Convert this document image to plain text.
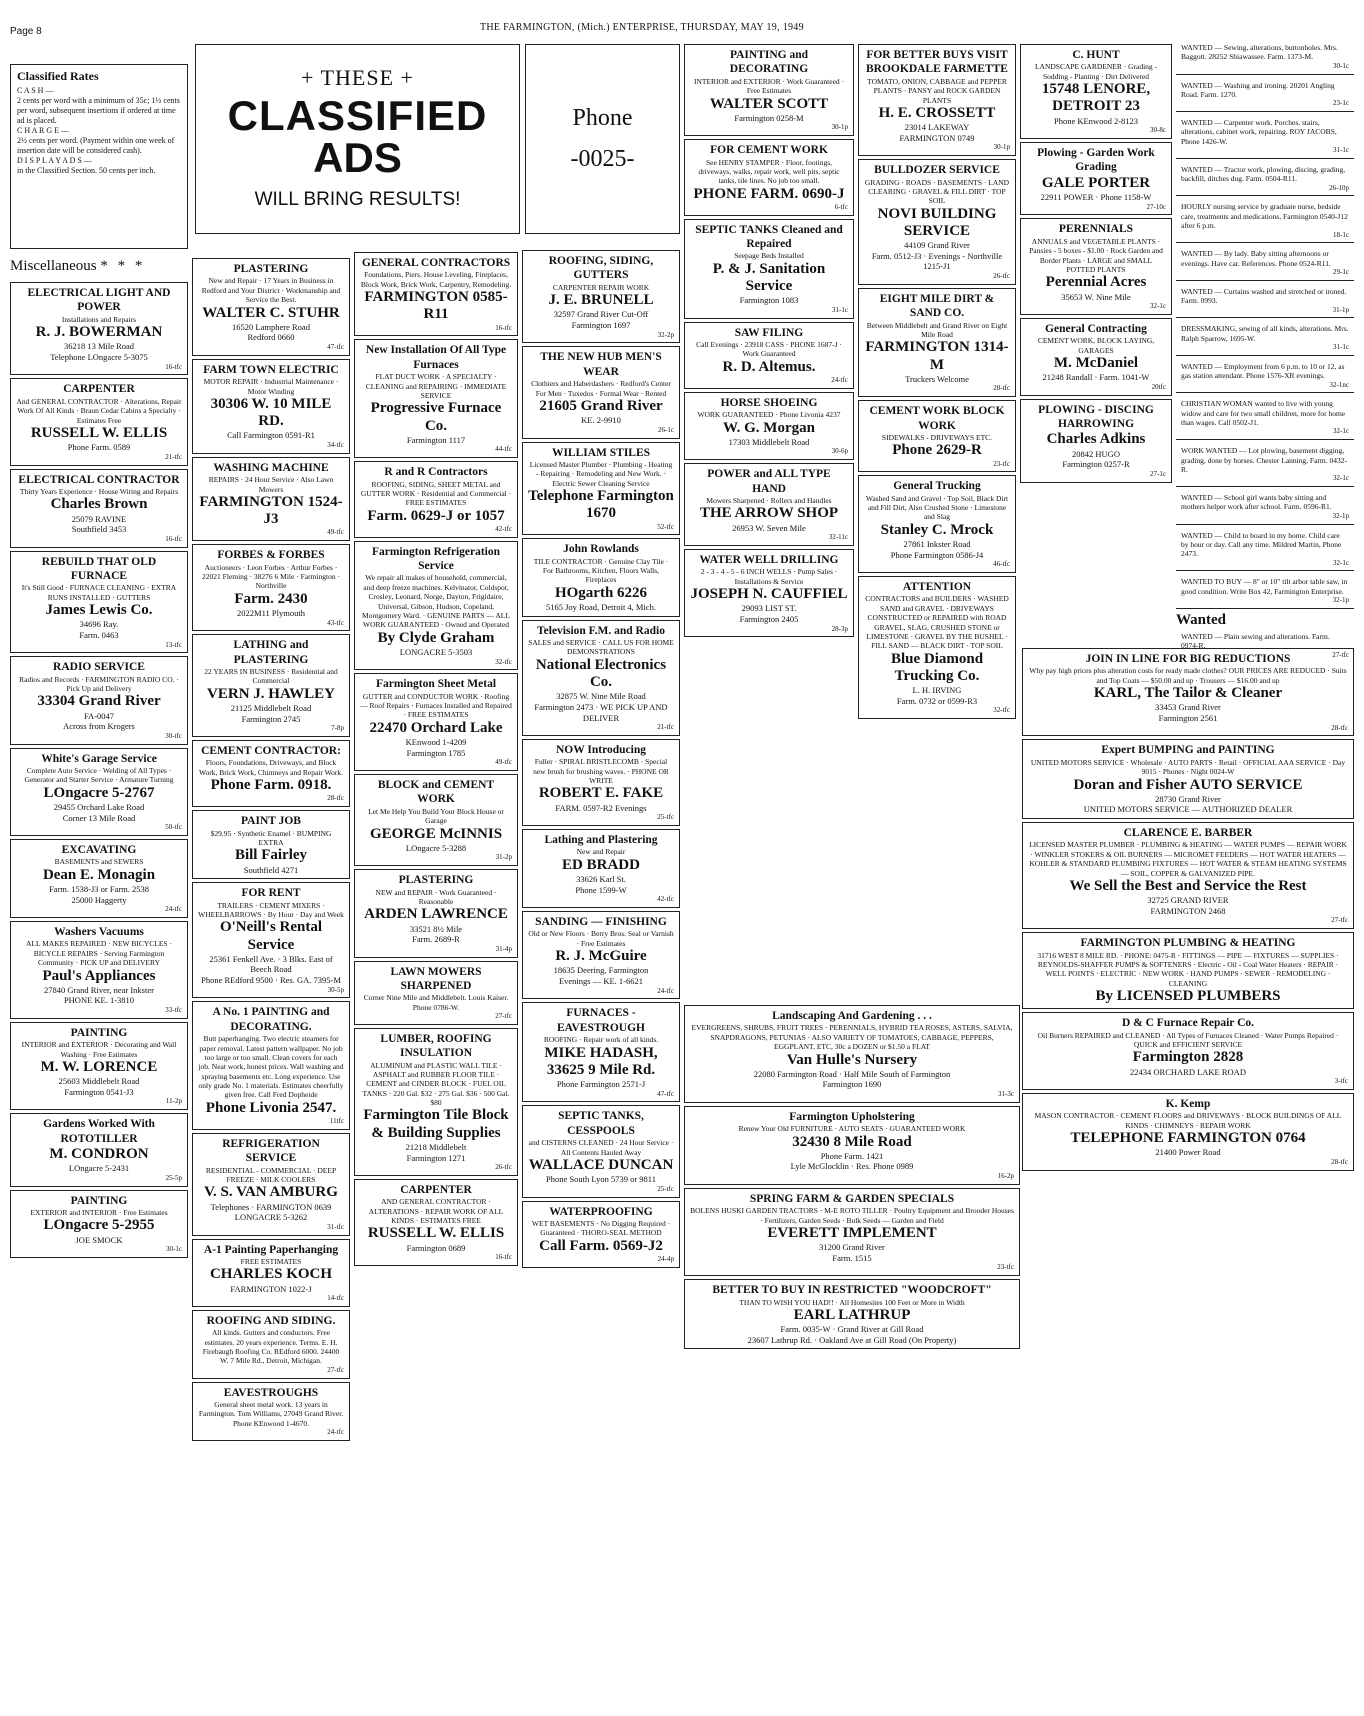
Page 8	THE FARMINGTON, (Mich.) ENTERPRISE, THURSDAY, MAY 19, 1949
Classified Rates
C A S H —
2 cents per word with a minimum of 35c; 1½ cents per word, subsequent insertions if ordered at time ad is placed.
C H A R G E —
2½ cents per word. (Payment within one week of insertion date will be considered cash).
D I S P L A Y A D S —
in the Classified Section. 50 cents per inch.
+ THESE +
CLASSIFIED
ADS
WILL BRING RESULTS!
Phone
-0025-
Miscellaneous * * *
ELECTRICAL LIGHT AND POWER
Installations and Repairs
R. J. BOWERMAN
36218 13 Mile Road
Telephone LOngacre 5-3075
16-tfc
CARPENTER
And GENERAL CONTRACTOR · Alterations, Repair Work Of All Kinds · Braun Cedar Cabins a Specialty · Estimates Free
RUSSELL W. ELLIS
Phone Farm. 0589
21-tfc
ELECTRICAL CONTRACTOR
Thirty Years Experience · House Wiring and Repairs
Charles Brown
25079 RAVINE
Southfield 3453
16-tfc
REBUILD THAT OLD FURNACE
It's Still Good · FURNACE CLEANING · EXTRA RUNS INSTALLED · GUTTERS
James Lewis Co.
34696 Ray.
Farm. 0463
13-tfc
RADIO SERVICE
Radios and Records · FARMINGTON RADIO CO. · Pick Up and Delivery
33304 Grand River
FA-0047
Across from Krogers
30-tfc
White's Garage Service
Complete Auto Service · Welding of All Types · Generator and Starter Service · Armature Turning
LOngacre 5-2767
29455 Orchard Lake Road
Corner 13 Mile Road
50-tfc
EXCAVATING
BASEMENTS and SEWERS
Dean E. Monagin
Farm. 1538-J3 or Farm. 2538
25000 Haggerty
24-tfc
Washers Vacuums
ALL MAKES REPAIRED · NEW BICYCLES · BICYCLE REPAIRS · Serving Farmington Community · PICK UP and DELIVERY
Paul's Appliances
27840 Grand River, near Inkster
PHONE KE. 1-3810
33-tfc
PAINTING
INTERIOR and EXTERIOR · Decorating and Wall Washing · Free Estimates
M. W. LORENCE
25603 Middlebelt Road
Farmington 0541-J3
11-2p
Gardens Worked With ROTOTILLER
M. CONDRON
LOngacre 5-2431
25-5p
PAINTING
EXTERIOR and INTERIOR · Free Estimates
LOngacre 5-2955
JOE SMOCK
30-1c
PLASTERING
New and Repair · 17 Years in Business in Redford and Your District · Workmanship and Service the Best.
WALTER C. STUHR
16520 Lamphere Road
Redford 0660
47-tfc
FARM TOWN ELECTRIC
MOTOR REPAIR · Industrial Maintenance · Motor Winding
30306 W. 10 MILE RD.
Call Farmington 0591-R1
34-tfc
WASHING MACHINE
REPAIRS · 24 Hour Service · Also Lawn Mowers
FARMINGTON 1524-J3
49-tfc
FORBES & FORBES
Auctioneers · Leon Forbes · Arthur Forbes · 22021 Fleming · 38276 6 Mile · Farmington · Northville
Farm. 2430
2022M11 Plymouth
43-tfc
LATHING and PLASTERING
22 YEARS IN BUSINESS · Residential and Commercial
VERN J. HAWLEY
21125 Middlebelt Road
Farmington 2745
7-8p
CEMENT CONTRACTOR:
Floors, Foundations, Driveways, and Block Work, Brick Work, Chimneys and Repair Work.
Phone Farm. 0918.
28-tfc
PAINT JOB
$29.95 · Synthetic Enamel · BUMPING EXTRA
Bill Fairley
Southfield 4271
FOR RENT
TRAILERS · CEMENT MIXERS · WHEELBARROWS · By Hour · Day and Week
O'Neill's Rental Service
25361 Fenkell Ave. · 3 Blks. East of Beech Road
Phone REdford 9500 · Res. GA. 7395-M
30-5p
A No. 1 PAINTING and DECORATING.
Butt paperhanging. Two electric steamers for paper removal. Latest pattern wallpaper. No job too large or too small. Clean covers for each job. Neat work, honest prices. Wall washing and spraying basements etc. Long experience. Use only grade No. 1 materials. Estimates cheerfully given free. Call Fred Dopheide
Phone Livonia 2547.
11tfc
REFRIGERATION SERVICE
RESIDENTIAL - COMMERCIAL · DEEP FREEZE · MILK COOLERS
V. S. VAN AMBURG
Telephones · FARMINGTON 0639
LONGACRE 5-3262
31-tfc
A-1 Painting Paperhanging
FREE ESTIMATES
CHARLES KOCH
FARMINGTON 1022-J
14-tfc
ROOFING AND SIDING.
All kinds. Gutters and conductors. Free estimates. 20 years experience. Terms. E. H. Firebaugh Roofing Co. REdford 6000. 24400 W. 7 Mile Rd., Detroit, Michigan.
27-tfc
EAVESTROUGHS
General sheet metal work. 13 years in Farmington. Tom Williams, 27049 Grand River. Phone KEnwood 1-4670.
24-tfc
GENERAL CONTRACTORS
Foundations, Piers, House Leveling, Fireplaces, Block Work, Brick Work, Carpentry, Remodeling.
FARMINGTON 0585-R11
16-tfc
New Installation Of All Type Furnaces
FLAT DUCT WORK · A SPECIALTY · CLEANING and REPAIRING · IMMEDIATE SERVICE
Progressive Furnace Co.
Farmington 1117
44-tfc
R and R Contractors
ROOFING, SIDING, SHEET METAL and GUTTER WORK · Residential and Commercial · FREE ESTIMATES
Farm. 0629-J or 1057
42-tfc
Farmington Refrigeration Service
We repair all makes of household, commercial, and deep freeze machines. Kelvinator, Coldspot, Crosley, Leonard, Norge, Dayton, Frigidaire, Universal, Gibson, Hudson, Copeland, Montgomery Ward. · GENUINE PARTS — ALL WORK GUARANTEED · Owned and Operated
By Clyde Graham
LONGACRE 5-3503
32-tfc
Farmington Sheet Metal
GUTTER and CONDUCTOR WORK · Roofing — Roof Repairs · Furnaces Installed and Repaired · FREE ESTIMATES
22470 Orchard Lake
KEnwood 1-4209
Farmington 1785
49-tfc
BLOCK and CEMENT WORK
Let Me Help You Build Your Block House or Garage
GEORGE McINNIS
LOngacre 5-3288
31-2p
PLASTERING
NEW and REPAIR · Work Guaranteed · Reasonable
ARDEN LAWRENCE
33521 8½ Mile
Farm. 2689-R
31-4p
LAWN MOWERS SHARPENED
Corner Nine Mile and Middlebelt. Louis Kaiser. Phone 0786-W.
27-tfc
LUMBER, ROOFING INSULATION
ALUMINUM and PLASTIC WALL TILE · ASPHALT and RUBBER FLOOR TILE · CEMENT and CINDER BLOCK · FUEL OIL TANKS · 220 Gal. $32 · 275 Gal. $36 · 500 Gal. $80
Farmington Tile Block & Building Supplies
21218 Middlebelt
Farmington 1271
26-tfc
CARPENTER
AND GENERAL CONTRACTOR · ALTERATIONS · REPAIR WORK OF ALL KINDS · ESTIMATES FREE
RUSSELL W. ELLIS
Farmington 0689
16-tfc
ROOFING, SIDING, GUTTERS
CARPENTER REPAIR WORK
J. E. BRUNELL
32597 Grand River Cut-Off
Farmington 1697
32-2p
THE NEW HUB MEN'S WEAR
Clothiers and Haberdashers · Redford's Center For Men · Tuxedos · Formal Wear · Rented
21605 Grand River
KE. 2-9910
26-1c
WILLIAM STILES
Licensed Master Plumber · Plumbing - Heating - Repairing · Remodeling and New Work. · Electric Sewer Cleaning Service
Telephone Farmington 1670
52-tfc
John Rowlands
TILE CONTRACTOR · Genuine Clay Tile · For Bathrooms, Kitchen, Floors Walls, Fireplaces
HOgarth 6226
5165 Joy Road, Detroit 4, Mich.
Television F.M. and Radio
SALES and SERVICE · CALL US FOR HOME DEMONSTRATIONS
National Electronics Co.
32875 W. Nine Mile Road
Farmington 2473 · WE PICK UP AND DELIVER
21-tfc
NOW Introducing
Fuller · SPIRAL BRISTLECOMB · Special new brush for brushing waves. · PHONE OR WRITE
ROBERT E. FAKE
FARM. 0597-R2 Evenings
25-tfc
Lathing and Plastering
New and Repair
ED BRADD
33626 Karl St.
Phone 1599-W
42-tfc
SANDING — FINISHING
Old or New Floors · Berry Bros. Seal or Varnish · Free Estimates
R. J. McGuire
18635 Deering, Farmington
Evenings — KE. 1-6621
24-tfc
FURNACES - EAVESTROUGH
ROOFING · Repair work of all kinds.
MIKE HADASH, 33625 9 Mile Rd.
Phone Farmington 2571-J
47-tfc
SEPTIC TANKS, CESSPOOLS
and CISTERNS CLEANED · 24 Hour Service · All Contents Hauled Away
WALLACE DUNCAN
Phone South Lyon 5739 or 9811
25-tfc
WATERPROOFING
WET BASEMENTS · No Digging Required · Guaranteed · THORO-SEAL METHOD
Call Farm. 0569-J2
24-4p
PAINTING and DECORATING
INTERIOR and EXTERIOR · Work Guaranteed · Free Estimates
WALTER SCOTT
Farmington 0258-M
30-1p
FOR CEMENT WORK
See HENRY STAMPER · Floor, footings, driveways, walks, repair work, well pits, septic tanks, tile lines. No job too small.
PHONE FARM. 0690-J
6-tfc
SEPTIC TANKS Cleaned and Repaired
Seepage Beds Installed
P. & J. Sanitation Service
Farmington 1083
31-1c
SAW FILING
Call Evenings · 23918 CASS · PHONE 1687-J · Work Guaranteed
R. D. Altemus.
24-tfc
HORSE SHOEING
WORK GUARANTEED · Phone Livonia 4237
W. G. Morgan
17303 Middlebelt Road
30-6p
POWER and ALL TYPE HAND
Mowers Sharpened · Rollers and Handles
THE ARROW SHOP
26953 W. Seven Mile
32-11c
WATER WELL DRILLING
2 - 3 - 4 - 5 - 6 INCH WELLS · Pump Sales · Installations & Service
JOSEPH N. CAUFFIEL
29093 LIST ST.
Farmington 2405
28-3p
FOR BETTER BUYS VISIT BROOKDALE FARMETTE
TOMATO, ONION, CABBAGE and PEPPER PLANTS · PANSY and ROCK GARDEN PLANTS
H. E. CROSSETT
23014 LAKEWAY
FARMINGTON 0749
30-1p
BULLDOZER SERVICE
GRADING · ROADS · BASEMENTS · LAND CLEARING · GRAVEL & FILL DIRT · TOP SOIL
NOVI BUILDING SERVICE
44109 Grand River
Farm. 0512-J3 · Evenings - Northville 1215-J1
26-tfc
EIGHT MILE DIRT & SAND CO.
Between Middlebelt and Grand River on Eight Mile Road
FARMINGTON 1314-M
Truckers Welcome
28-tfc
CEMENT WORK BLOCK WORK
SIDEWALKS - DRIVEWAYS ETC.
Phone 2629-R
23-tfc
General Trucking
Washed Sand and Gravel · Top Soil, Black Dirt and Fill Dirt, Also Crushed Stone · Limestone and Slag
Stanley C. Mrock
27861 Inkster Road
Phone Farmington 0586-J4
46-tfc
ATTENTION
CONTRACTORS and BUILDERS · WASHED SAND and GRAVEL · DRIVEWAYS CONSTRUCTED or REPAIRED with ROAD GRAVEL, SLAG, CRUSHED STONE or LIMESTONE · GRAVEL BY THE BUSHEL · FILL SAND — BLACK DIRT · TOP SOIL
Blue Diamond Trucking Co.
L. H. IRVING
Farm. 0732 or 0599-R3
32-tfc
C. HUNT
LANDSCAPE GARDENER · Grading - Sodding - Planting · Dirt Delivered
15748 LENORE, DETROIT 23
Phone KEnwood 2-8123
30-8c
Plowing - Garden Work Grading
GALE PORTER
22911 POWER · Phone 1158-W
27-10c
PERENNIALS
ANNUALS and VEGETABLE PLANTS · Pansies - 5 boxes - $1.00 · Rock Garden and Border Plants · LARGE and SMALL POTTED PLANTS
Perennial Acres
35653 W. Nine Mile
32-1c
General Contracting
CEMENT WORK, BLOCK LAYING, GARAGES
M. McDaniel
21248 Randall · Farm. 1041-W
20tfc
PLOWING - DISCING HARROWING
Charles Adkins
20842 HUGO
Farmington 0257-R
27-1c
WANTED — Sewing, alterations, buttonholes. Mrs. Baggott. 28252 Shiawassee. Farm. 1373-M.
30-1c
WANTED — Washing and ironing. 20201 Angling Road. Farm. 1270.
23-1c
WANTED — Carpenter work. Porches, stairs, alterations, cabinet work, repairing. ROY JACOBS, Phone 1426-W.
31-1c
WANTED — Tractor work, plowing, discing, grading, backfill, ditches dug. Farm. 0504-R11.
26-10p
HOURLY nursing service by graduate nurse, bedside care, treatments and medications, Farmington 0540-J12 after 6 p.m.
18-1c
WANTED — By lady. Baby sitting afternoons or evenings. Have car. References. Phone 0524-R11.
29-1c
WANTED — Curtains washed and stretched or ironed. Farm. 0993.
31-1p
DRESSMAKING, sewing of all kinds, alterations. Mrs. Ralph Sparrow, 1695-W.
31-1c
WANTED — Employment from 6 p.m. to 10 or 12, as gas station attendant. Phone 1576-XR evenings.
32-1nc
CHRISTIAN WOMAN wanted to live with young widow and care for two small children, more for home than wages. Call 0502-J1.
32-1c
WORK WANTED — Lot plowing, basement digging, grading, done by horses. Chester Lanning, Farm. 0432-R.
32-1c
WANTED — School girl wants baby sitting and mothers helper work after school. Farm. 0596-R1.
32-1p
WANTED — Child to board in my home. Child care by hour or day. Call any time. Mildred Martin, Phone 2473.
32-1c
WANTED TO BUY — 8" or 10" tilt arbor table saw, in good condition. Write Box 42, Farmington Enterprise.
32-1p
Wanted
WANTED — Plain sewing and alterations. Farm. 0974-R.
27-tfc
Landscaping And Gardening . . .
EVERGREENS, SHRUBS, FRUIT TREES · PERENNIALS, HYBRID TEA ROSES, ASTERS, SALVIA, SNAPDRAGONS, PETUNIAS · ALSO VARIETY OF TOMATOES, CABBAGE, PEPPERS, EGGPLANT, ETC, 30c a DOZEN or $1.50 a FLAT
Van Hulle's Nursery
22080 Farmington Road · Half Mile South of Farmington
Farmington 1690
31-3c
Farmington Upholstering
Renew Your Old FURNITURE · AUTO SEATS · GUARANTEED WORK
32430 8 Mile Road
Phone Farm. 1421
Lyle McGlocklin · Res. Phone 0989
16-2p
SPRING FARM & GARDEN SPECIALS
BOLENS HUSKI GARDEN TRACTORS · M-E ROTO TILLER · Poultry Equipment and Brooder Houses · Fertilizers, Garden Seeds · Bulk Seeds — Garden and Field
EVERETT IMPLEMENT
31200 Grand River
Farm. 1515
23-tfc
BETTER TO BUY IN RESTRICTED "WOODCROFT"
THAN TO WISH YOU HAD!! · All Homesites 100 Feet or More in Width
EARL LATHRUP
Farm. 0035-W · Grand River at Gill Road
23607 Lathrup Rd. · Oakland Ave at Gill Road (On Property)
JOIN IN LINE FOR BIG REDUCTIONS
Why pay high prices plus alteration costs for ready made clothes? OUR PRICES ARE REDUCED · Suits and Top Coats — $50.00 and up · Trousers — $16.00 and up
KARL, The Tailor & Cleaner
33453 Grand River
Farmington 2561
28-tfc
Expert BUMPING and PAINTING
UNITED MOTORS SERVICE · Wholesale · AUTO PARTS · Retail · OFFICIAL AAA SERVICE · Day 9015 · Phones · Night 0024-W
Doran and Fisher AUTO SERVICE
28730 Grand River
UNITED MOTORS SERVICE — AUTHORIZED DEALER
CLARENCE E. BARBER
LICENSED MASTER PLUMBER · PLUMBING & HEATING — WATER PUMPS — REPAIR WORK · WINKLER STOKERS & OIL BURNERS — MICROMET FEEDERS — HOT WATER HEATERS — KOHLER & STANDARD PLUMBING FIXTURES — HOT WATER & STEAM HEATING SYSTEMS — SOIL, COPPER & GALVANIZED PIPE.
We Sell the Best and Service the Rest
32725 GRAND RIVER
FARMINGTON 2468
27-tfc
FARMINGTON PLUMBING & HEATING
31716 WEST 8 MILE RD. · PHONE: 0475-R · FITTINGS — PIPE — FIXTURES — SUPPLIES · REYNOLDS-SHAFFER PUMPS & SOFTENERS · Electric - Oil - Coal Water Heaters · REPAIR · WELL POINTS · ELECTRIC · NEW WORK · HAND PUMPS · SEWER · REMODELING · CLEANING
By LICENSED PLUMBERS
D & C Furnace Repair Co.
Oil Burners REPAIRED and CLEANED · All Types of Furnaces Cleaned · Water Pumps Repaired · QUICK and EFFICIENT SERVICE
Farmington 2828
22434 ORCHARD LAKE ROAD
3-tfc
K. Kemp
MASON CONTRACTOR · CEMENT FLOORS and DRIVEWAYS · BLOCK BUILDINGS OF ALL KINDS · CHIMNEYS · REPAIR WORK
TELEPHONE FARMINGTON 0764
21400 Power Road
28-tfc
